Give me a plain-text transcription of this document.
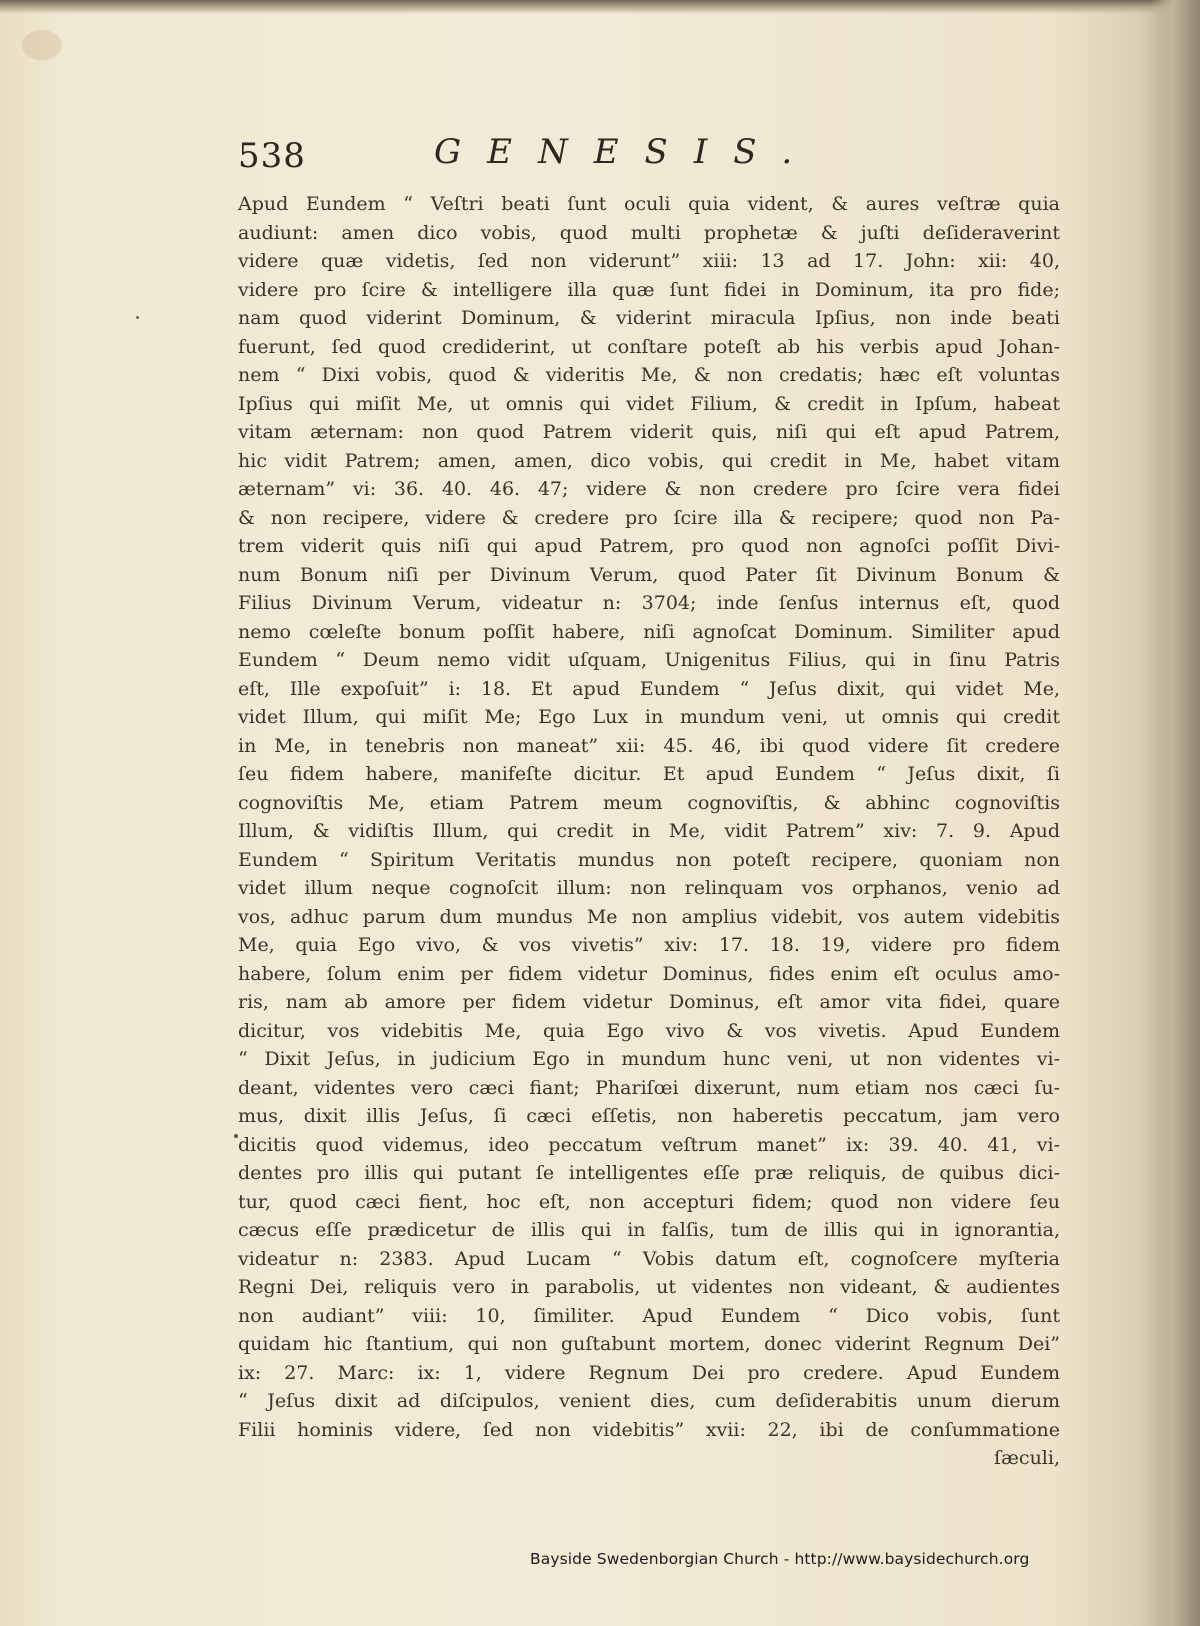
538	GENESIS.
Apud Eundem “ Veſtri beati ſunt oculi quia vident, & aures veſtræ quia
audiunt: amen dico vobis, quod multi prophetæ & juſti deſideraverint
videre quæ videtis, ſed non viderunt” xiii: 13 ad 17. John: xii: 40,
videre pro ſcire & intelligere illa quæ ſunt fidei in Dominum, ita pro fide;
nam quod viderint Dominum, & viderint miracula Ipſius, non inde beati
fuerunt, ſed quod crediderint, ut conſtare poteſt ab his verbis apud Johan-
nem “ Dixi vobis, quod & videritis Me, & non credatis; hæc eſt voluntas
Ipſius qui miſit Me, ut omnis qui videt Filium, & credit in Ipſum, habeat
vitam æternam: non quod Patrem viderit quis, niſi qui eſt apud Patrem,
hic vidit Patrem; amen, amen, dico vobis, qui credit in Me, habet vitam
æternam” vi: 36. 40. 46. 47; videre & non credere pro ſcire vera fidei
& non recipere, videre & credere pro ſcire illa & recipere; quod non Pa-
trem viderit quis niſi qui apud Patrem, pro quod non agnoſci poſſit Divi-
num Bonum niſi per Divinum Verum, quod Pater ſit Divinum Bonum &
Filius Divinum Verum, videatur n: 3704; inde ſenſus internus eſt, quod
nemo cœleſte bonum poſſit habere, niſi agnoſcat Dominum. Similiter apud
Eundem “ Deum nemo vidit uſquam, Unigenitus Filius, qui in ſinu Patris
eſt, Ille expoſuit” i: 18. Et apud Eundem “ Jeſus dixit, qui videt Me,
videt Illum, qui miſit Me; Ego Lux in mundum veni, ut omnis qui credit
in Me, in tenebris non maneat” xii: 45. 46, ibi quod videre ſit credere
ſeu fidem habere, manifeſte dicitur. Et apud Eundem “ Jeſus dixit, ſi
cognoviſtis Me, etiam Patrem meum cognoviſtis, & abhinc cognoviſtis
Illum, & vidiſtis Illum, qui credit in Me, vidit Patrem” xiv: 7. 9. Apud
Eundem “ Spiritum Veritatis mundus non poteſt recipere, quoniam non
videt illum neque cognoſcit illum: non relinquam vos orphanos, venio ad
vos, adhuc parum dum mundus Me non amplius videbit, vos autem videbitis
Me, quia Ego vivo, & vos vivetis” xiv: 17. 18. 19, videre pro fidem
habere, ſolum enim per fidem videtur Dominus, fides enim eſt oculus amo-
ris, nam ab amore per fidem videtur Dominus, eſt amor vita fidei, quare
dicitur, vos videbitis Me, quia Ego vivo & vos vivetis. Apud Eundem
“ Dixit Jeſus, in judicium Ego in mundum hunc veni, ut non videntes vi-
deant, videntes vero cæci fiant; Phariſœi dixerunt, num etiam nos cæci ſu-
mus, dixit illis Jeſus, ſi cæci eſſetis, non haberetis peccatum, jam vero
dicitis quod videmus, ideo peccatum veſtrum manet” ix: 39. 40. 41, vi-
dentes pro illis qui putant ſe intelligentes eſſe præ reliquis, de quibus dici-
tur, quod cæci fient, hoc eſt, non accepturi fidem; quod non videre ſeu
cæcus eſſe prædicetur de illis qui in falſis, tum de illis qui in ignorantia,
videatur n: 2383. Apud Lucam “ Vobis datum eſt, cognoſcere myſteria
Regni Dei, reliquis vero in parabolis, ut videntes non videant, & audientes
non audiant” viii: 10, ſimiliter. Apud Eundem “ Dico vobis, ſunt
quidam hic ſtantium, qui non guſtabunt mortem, donec viderint Regnum Dei”
ix: 27. Marc: ix: 1, videre Regnum Dei pro credere. Apud Eundem
“ Jeſus dixit ad diſcipulos, venient dies, cum deſiderabitis unum dierum
Filii hominis videre, ſed non videbitis” xvii: 22, ibi de conſummatione
ſæculi,
Bayside Swedenborgian Church - http://www.baysidechurch.org
